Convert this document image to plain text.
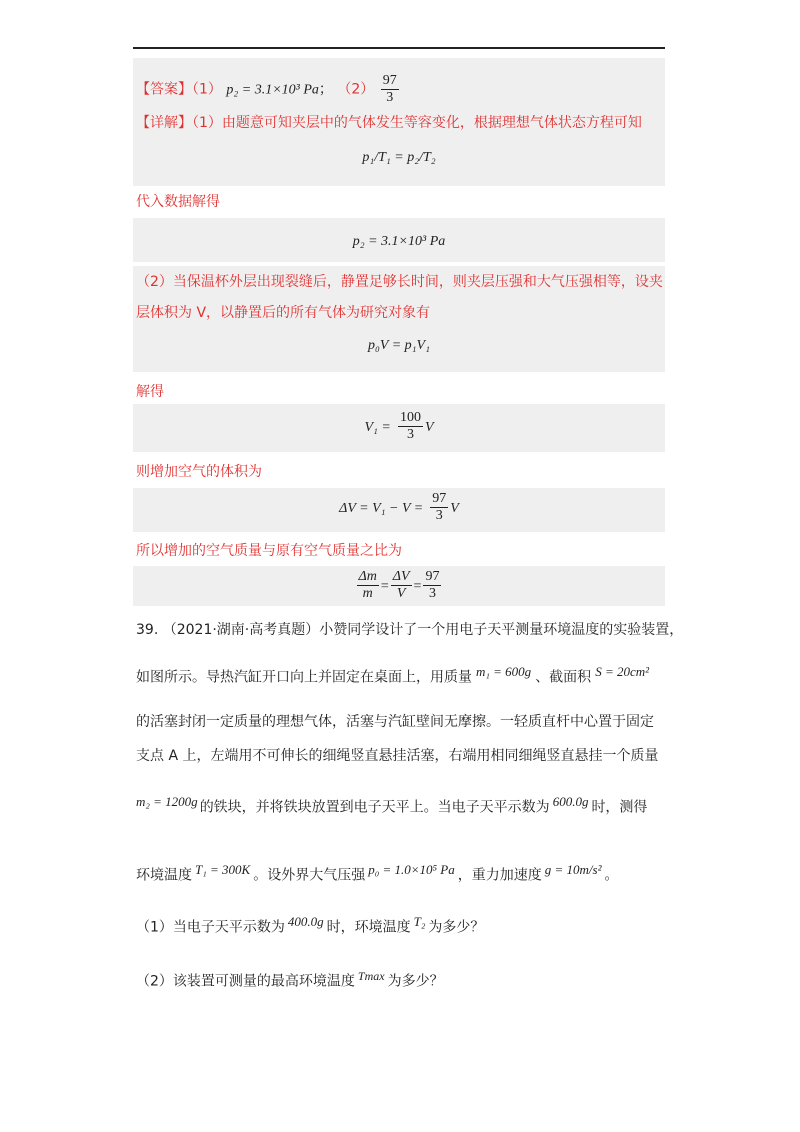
【答案】（1） p₂ = 3.1×10³ Pa； $(2) \frac{97}{3}$
【详解】（1）由题意可知夹层中的气体发生等容变化，根据理想气体状态方程可知
p₁/T₁ = p₂/T₂
代入数据解得
p₂ = 3.1×10³ Pa
（2）当保温杯外层出现裂缝后，静置足够长时间，则夹层压强和大气压强相等，设夹
层体积为 V，以静置后的所有气体为研究对象有
p₀V = p₁V₁
解得
$V_1 = \frac{100}{3}$ V
则增加空气的体积为
$\Delta V = V_1 - V = \frac{97}{3}$ V
所以增加的空气质量与原有空气质量之比为
$\frac{\Delta m}{m} = \frac{\Delta V}{V} = \frac{97}{3}$
39. （2021·湖南·高考真题）小赞同学设计了一个用电子天平测量环境温度的实验装置，
如图所示。导热汽缸开口向上并固定在桌面上，用质量 m₁ = 600g 、截面积 S = 20cm²
的活塞封闭一定质量的理想气体，活塞与汽缸壁间无摩擦。一轻质直杆中心置于固定
支点 A 上，左端用不可伸长的细绳竖直悬挂活塞，右端用相同细绳竖直悬挂一个质量
m₂ = 1200g 的铁块，并将铁块放置到电子天平上。当电子天平示数为 600.0g 时，测得
环境温度 T₁ = 300K 。设外界大气压强 p₀ = 1.0×10⁵ Pa ，重力加速度 g = 10m/s² 。
（1）当电子天平示数为 400.0g 时，环境温度 T₂ 为多少？
（2）该装置可测量的最高环境温度 Tmax 为多少？
